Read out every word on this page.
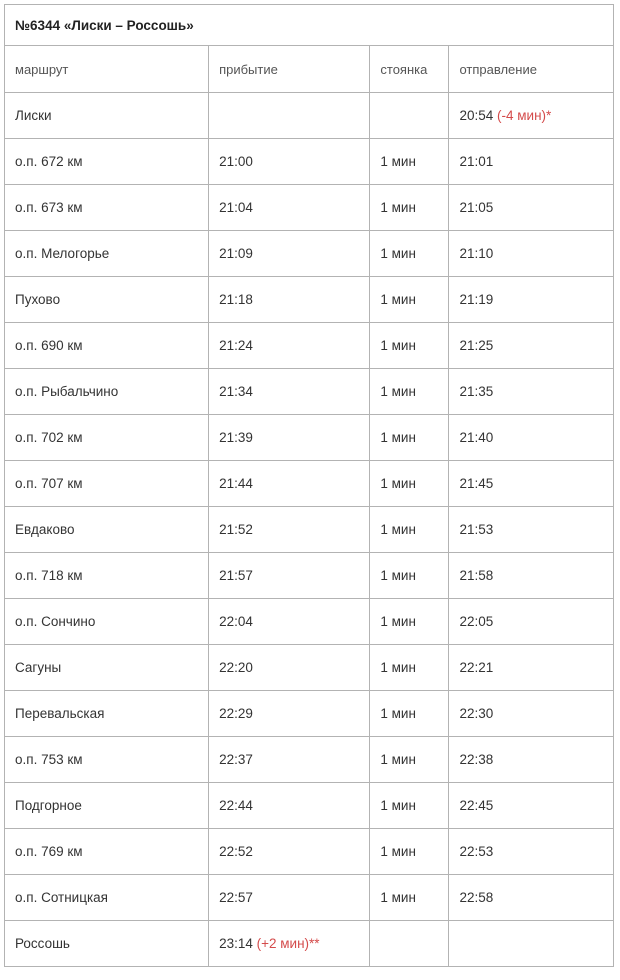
№6344 «Лиски – Россошь»			
маршрут	прибытие	стоянка	отправление
Лиски			20:54 (-4 мин)*
о.п. 672 км	21:00	1 мин	21:01
о.п. 673 км	21:04	1 мин	21:05
о.п. Мелогорье	21:09	1 мин	21:10
Пухово	21:18	1 мин	21:19
о.п. 690 км	21:24	1 мин	21:25
о.п. Рыбальчино	21:34	1 мин	21:35
о.п. 702 км	21:39	1 мин	21:40
о.п. 707 км	21:44	1 мин	21:45
Евдаково	21:52	1 мин	21:53
о.п. 718 км	21:57	1 мин	21:58
о.п. Сончино	22:04	1 мин	22:05
Сагуны	22:20	1 мин	22:21
Перевальская	22:29	1 мин	22:30
о.п. 753 км	22:37	1 мин	22:38
Подгорное	22:44	1 мин	22:45
о.п. 769 км	22:52	1 мин	22:53
о.п. Сотницкая	22:57	1 мин	22:58
Россошь	23:14 (+2 мин)**		
